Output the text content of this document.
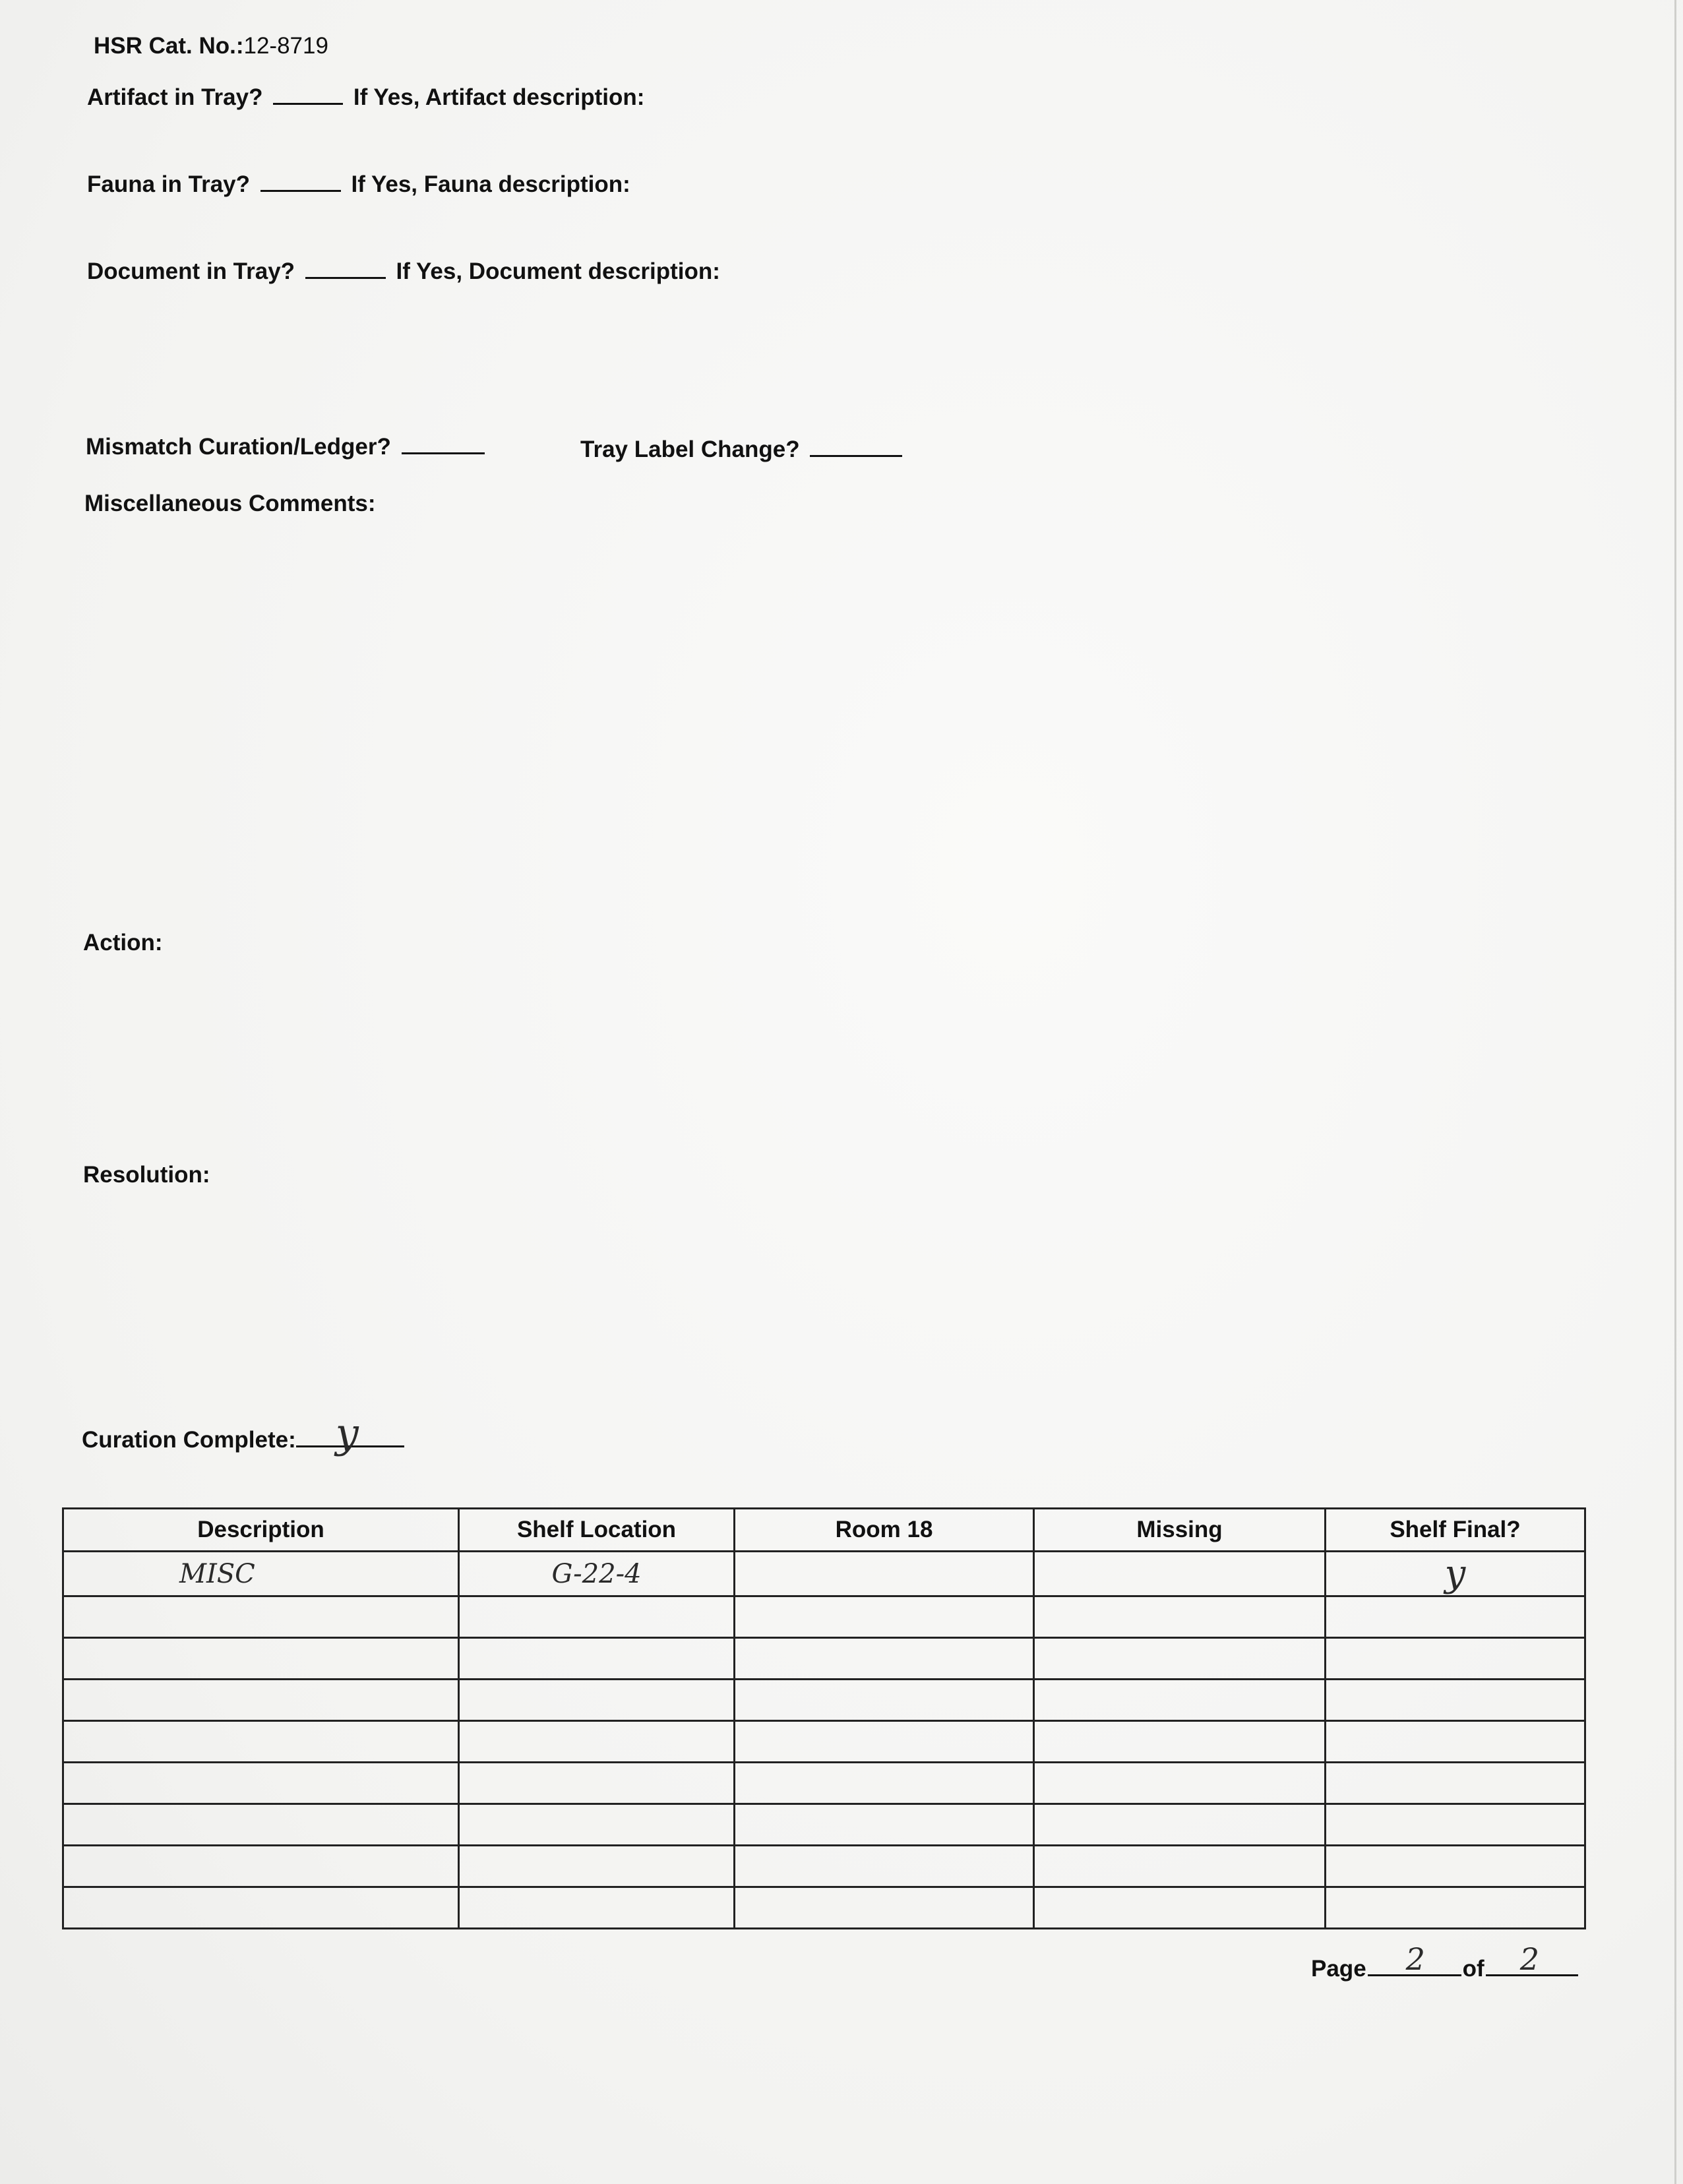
HSR Cat. No.:12-8719
Artifact in Tray?	If Yes, Artifact description:
Fauna in Tray?	If Yes, Fauna description:
Document in Tray?	If Yes, Document description:
Mismatch Curation/Ledger?	Tray Label Change?
Miscellaneous Comments:
Action:
Resolution:
Curation Complete: y
Description	Shelf Location	Room 18	Missing	Shelf Final?
MISC	G-22-4			y

Page 2 of 2
